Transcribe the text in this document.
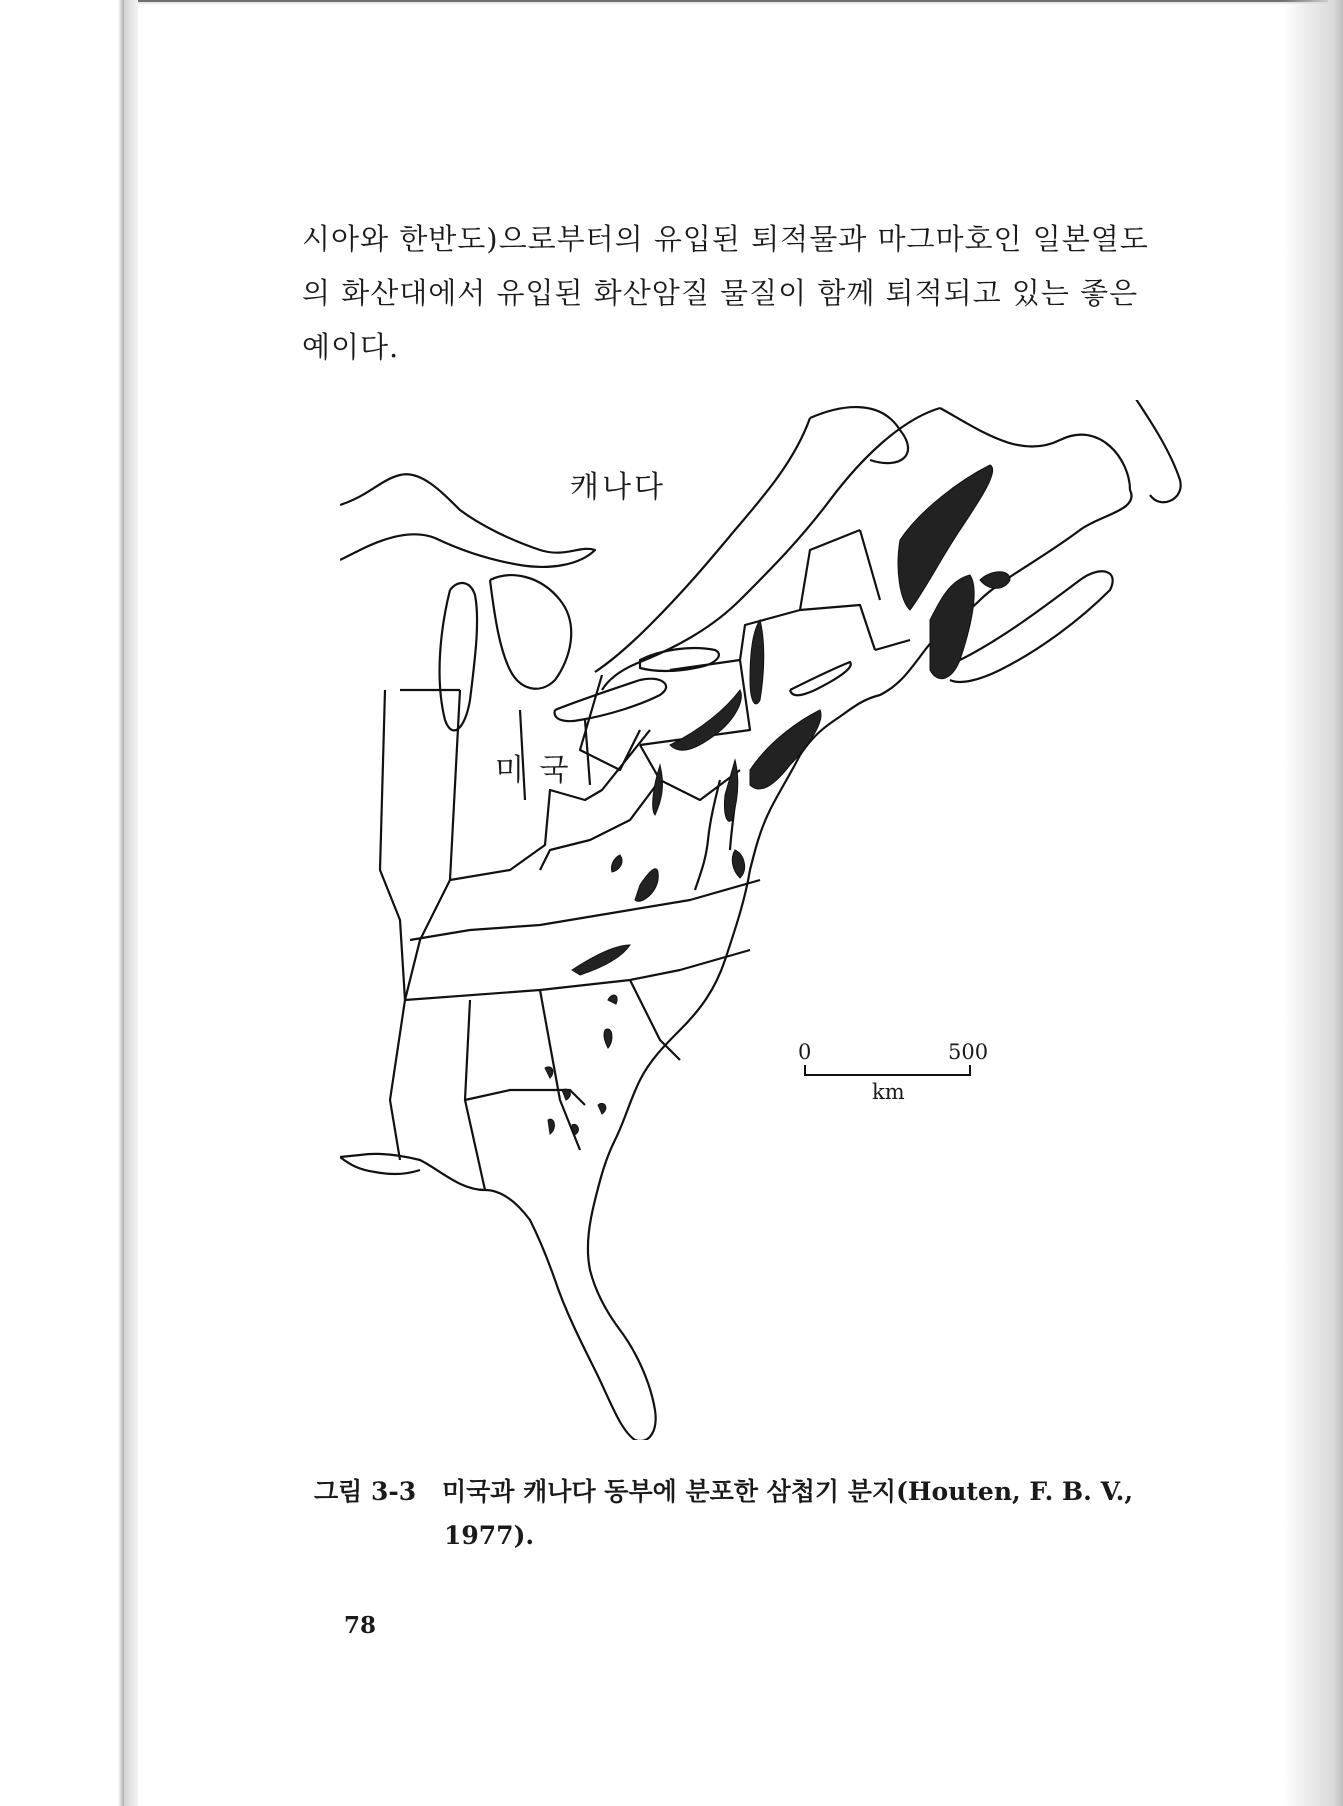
시아와 한반도)으로부터의 유입된 퇴적물과 마그마호인 일본열도

의 화산대에서 유입된 화산암질 물질이 함께 퇴적되고 있는 좋은

예이다.

캐나다
미 국
0	500
km
그림 3-3 미국과 캐나다 동부에 분포한 삼첩기 분지(Houten, F. B. V.,
1977).
78
